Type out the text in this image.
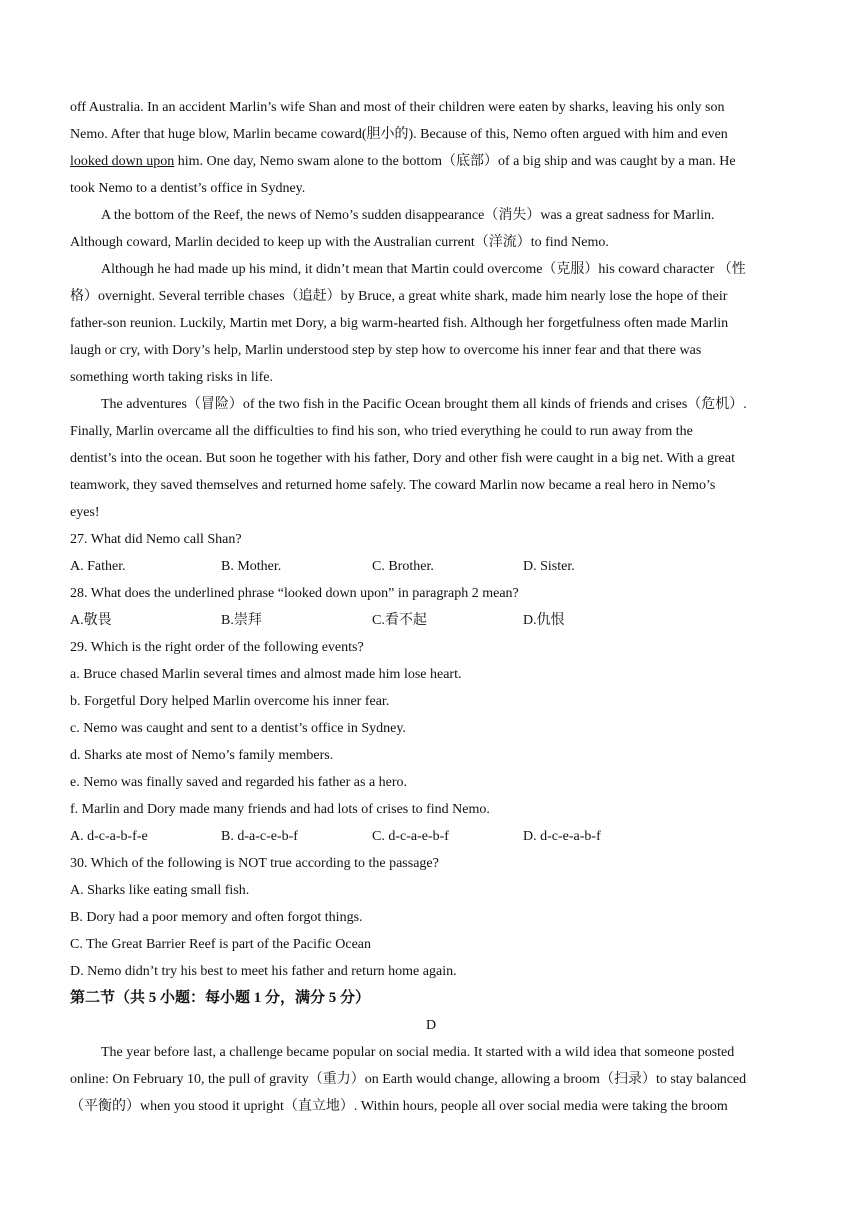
off Australia. In an accident Marlin’s wife Shan and most of their children were eaten by sharks, leaving his only son
Nemo. After that huge blow, Marlin became coward(胆小的). Because of this, Nemo often argued with him and even
looked down upon him. One day, Nemo swam alone to the bottom（底部）of a big ship and was caught by a man. He
took Nemo to a dentist’s office in Sydney.
A the bottom of the Reef, the news of Nemo’s sudden disappearance（消失）was a great sadness for Marlin.
Although coward, Marlin decided to keep up with the Australian current（洋流）to find Nemo.
Although he had made up his mind, it didn’t mean that Martin could overcome（克服）his coward character （性
格）overnight. Several terrible chases（追赶）by Bruce, a great white shark, made him nearly lose the hope of their
father-son reunion. Luckily, Martin met Dory, a big warm-hearted fish. Although her forgetfulness often made Marlin
laugh or cry, with Dory’s help, Marlin understood step by step how to overcome his inner fear and that there was
something worth taking risks in life.
The adventures（冒险）of the two fish in the Pacific Ocean brought them all kinds of friends and crises（危机）.
Finally, Marlin overcame all the difficulties to find his son, who tried everything he could to run away from the
dentist’s into the ocean. But soon he together with his father, Dory and other fish were caught in a big net. With a great
teamwork, they saved themselves and returned home safely. The coward Marlin now became a real hero in Nemo’s
eyes!
27. What did Nemo call Shan?
A. Father.	B. Mother.	C. Brother.	D. Sister.
28. What does the underlined phrase “looked down upon” in paragraph 2 mean?
A.敬畏	B.崇拜	C.看不起	D.仇恨
29. Which is the right order of the following events?
a. Bruce chased Marlin several times and almost made him lose heart.
b. Forgetful Dory helped Marlin overcome his inner fear.
c. Nemo was caught and sent to a dentist’s office in Sydney.
d. Sharks ate most of Nemo’s family members.
e. Nemo was finally saved and regarded his father as a hero.
f. Marlin and Dory made many friends and had lots of crises to find Nemo.
A. d-c-a-b-f-e	B. d-a-c-e-b-f	C. d-c-a-e-b-f	D. d-c-e-a-b-f
30. Which of the following is NOT true according to the passage?
A. Sharks like eating small fish.
B. Dory had a poor memory and often forgot things.
C. The Great Barrier Reef is part of the Pacific Ocean
D. Nemo didn’t try his best to meet his father and return home again.
第二节（共 5 小题：每小题 1 分，满分 5 分）
D
The year before last, a challenge became popular on social media. It started with a wild idea that someone posted
online: On February 10, the pull of gravity（重力）on Earth would change, allowing a broom（扫录）to stay balanced
（平衡的）when you stood it upright（直立地）. Within hours, people all over social media were taking the broom
